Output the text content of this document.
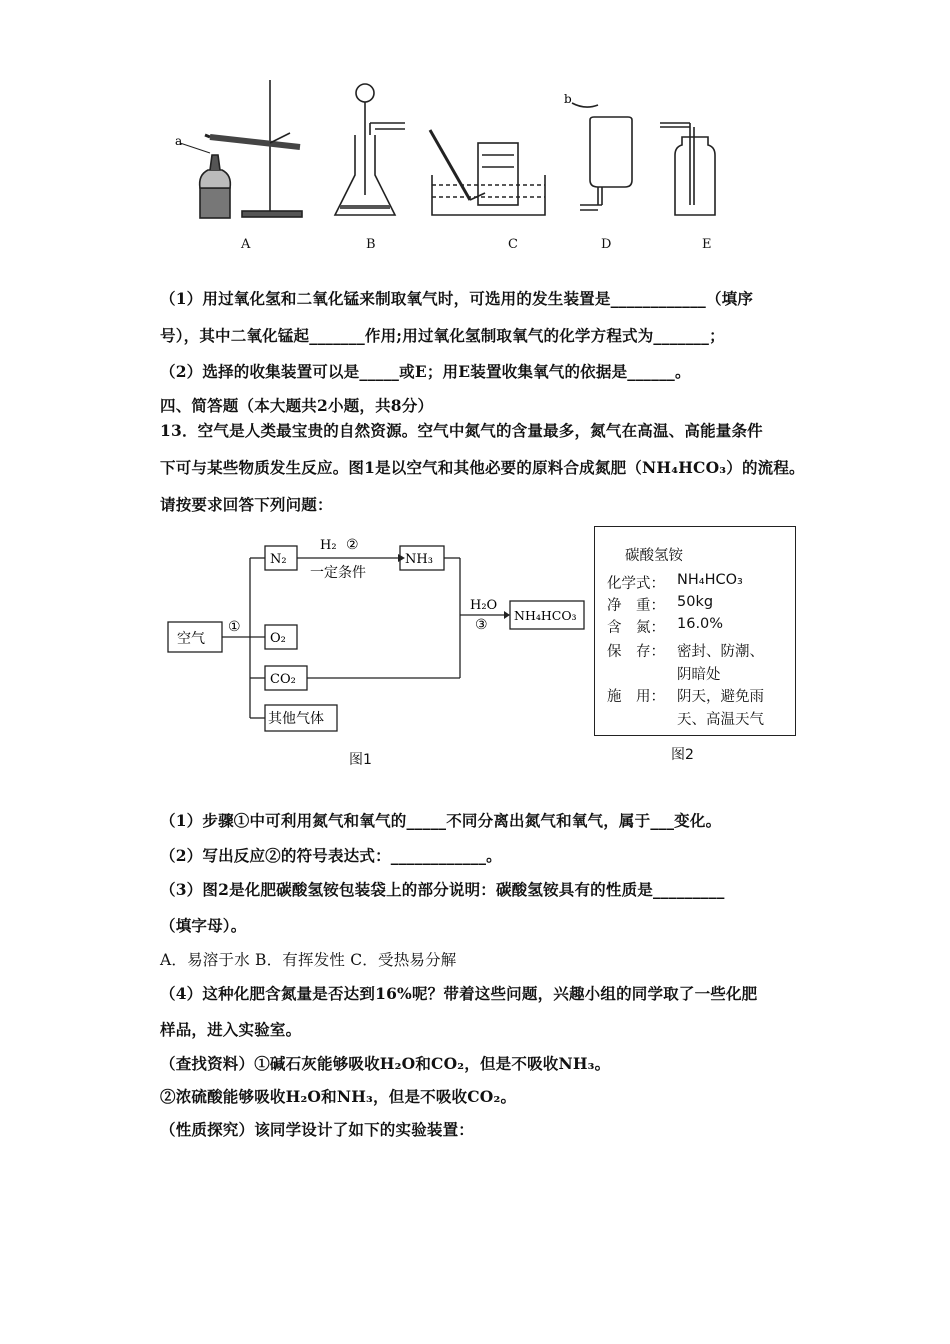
a
b
A	B	C	D	E
（1）用过氧化氢和二氧化锰来制取氧气时，可选用的发生装置是____________（填序
号），其中二氧化锰起_______作用;用过氧化氢制取氧气的化学方程式为_______；
（2）选择的收集装置可以是_____或E；用E装置收集氧气的依据是______。
四、简答题（本大题共2小题，共8分）
13．空气是人类最宝贵的自然资源。空气中氮气的含量最多，氮气在高温、高能量条件
下可与某些物质发生反应。图1是以空气和其他必要的原料合成氮肥（NH₄HCO₃）的流程。
请按要求回答下列问题：
空气
①
N₂
O₂
CO₂
其他气体
H₂ ②
一定条件
NH₃
H₂O
③
NH₄HCO₃
图1
碳酸氢铵
化学式： NH₄HCO₃
净　重： 50kg
含　氮： 16.0%
保　存： 密封、防潮、
阴暗处
施　用： 阴天，避免雨
天、高温天气
图2
（1）步骤①中可利用氮气和氧气的_____不同分离出氮气和氧气，属于___变化。
（2）写出反应②的符号表达式：____________。
（3）图2是化肥碳酸氢铵包装袋上的部分说明：碳酸氢铵具有的性质是_________
（填字母）。
A．易溶于水 B．有挥发性 C．受热易分解
（4）这种化肥含氮量是否达到16%呢？带着这些问题，兴趣小组的同学取了一些化肥
样品，进入实验室。
（查找资料）①碱石灰能够吸收H₂O和CO₂，但是不吸收NH₃。
②浓硫酸能够吸收H₂O和NH₃，但是不吸收CO₂。
（性质探究）该同学设计了如下的实验装置：
